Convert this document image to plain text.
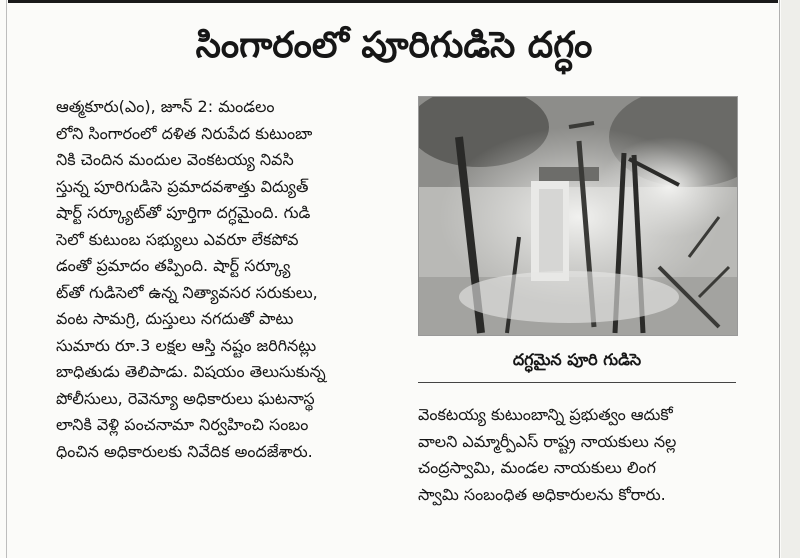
సింగారంలో పూరిగుడిసె దగ్ధం
ఆత్మకూరు(ఎం), జూన్ 2: మండలం
లోని సింగారంలో దళిత నిరుపేద కుటుంబా
నికి చెందిన మందుల వెంకటయ్య నివసి
స్తున్న పూరిగుడిసె ప్రమాదవశాత్తు విద్యుత్
షార్ట్ సర్క్యూట్‌తో పూర్తిగా దగ్ధమైంది. గుడి
సెలో కుటుంబ సభ్యులు ఎవరూ లేకపోవ
డంతో ప్రమాదం తప్పింది. షార్ట్ సర్క్యూ
ట్‌తో గుడిసెలో ఉన్న నిత్యావసర సరుకులు,
వంట సామగ్రి, దుస్తులు నగదుతో పాటు
సుమారు రూ.3 లక్షల ఆస్తి నష్టం జరిగినట్లు
బాధితుడు తెలిపాడు. విషయం తెలుసుకున్న
పోలీసులు, రెవెన్యూ అధికారులు ఘటనాస్థ
లానికి వెళ్లి పంచనామా నిర్వహించి సంబం
ధించిన అధికారులకు నివేదిక అందజేశారు.
దగ్ధమైన పూరి గుడిసె
వెంకటయ్య కుటుంబాన్ని ప్రభుత్వం ఆదుకో
వాలని ఎమ్మార్పీఎస్ రాష్ట్ర నాయకులు నల్ల
చంద్రస్వామి, మండల నాయకులు లింగ
స్వామి సంబంధిత అధికారులను కోరారు.
